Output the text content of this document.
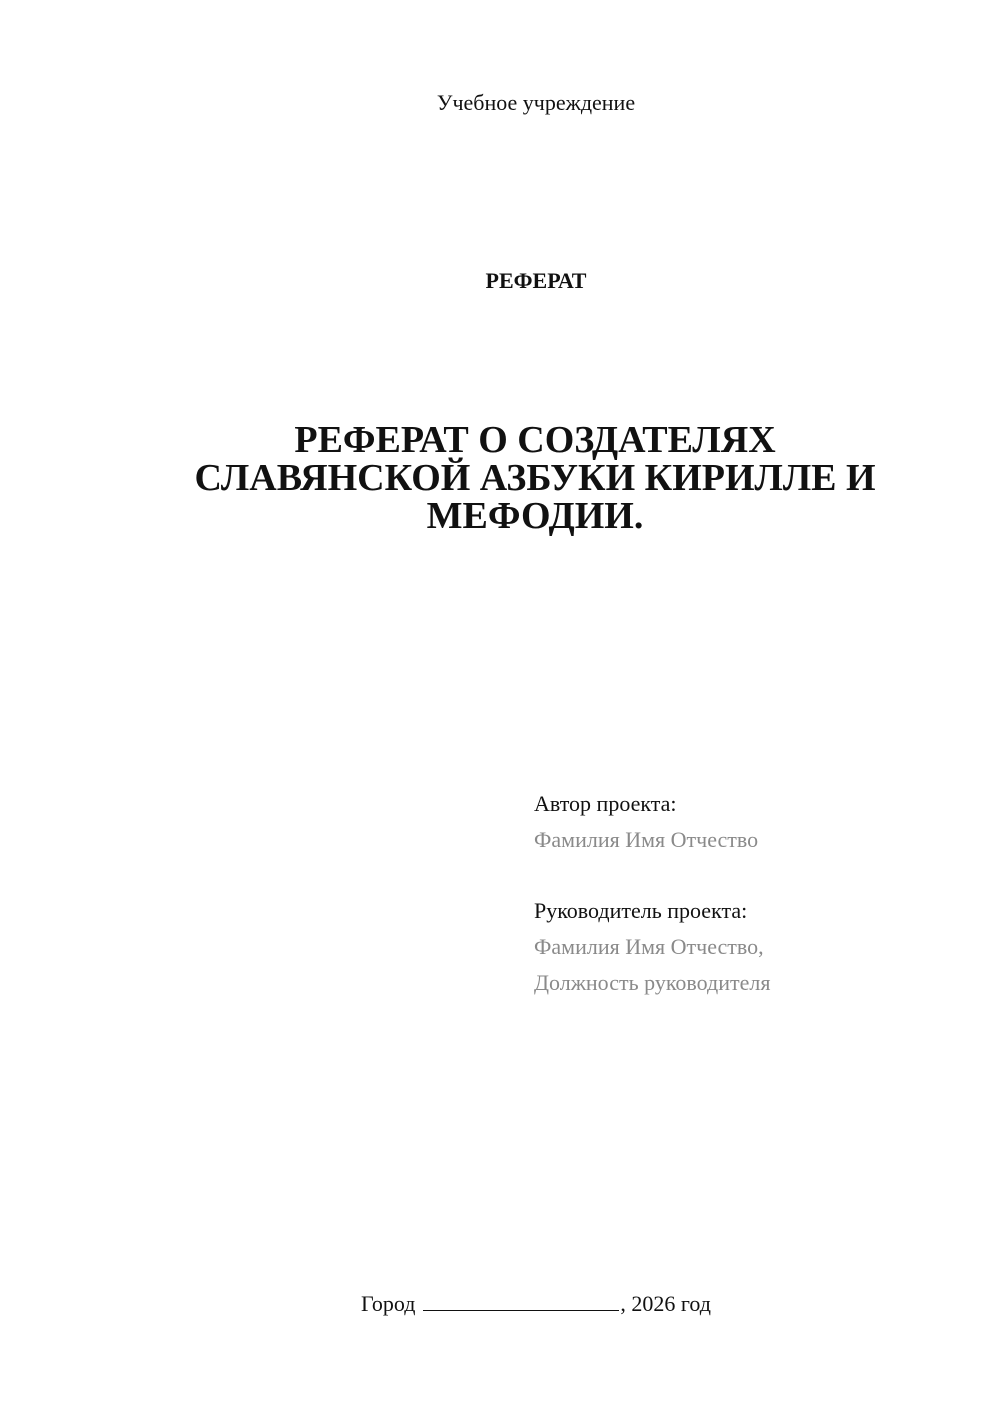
Учебное учреждение
РЕФЕРАТ
РЕФЕРАТ О СОЗДАТЕЛЯХ СЛАВЯНСКОЙ АЗБУКИ КИРИЛЛЕ И МЕФОДИИ.
Автор проекта:
Фамилия Имя Отчество
Руководитель проекта:
Фамилия Имя Отчество,
Должность руководителя
Город	, 2026 год
